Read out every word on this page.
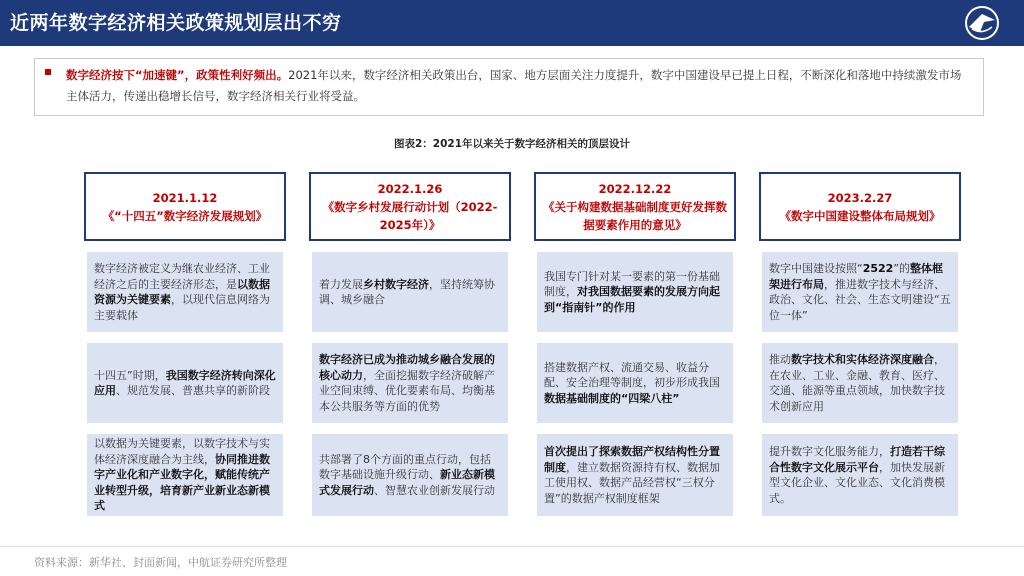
近两年数字经济相关政策规划层出不穷
数字经济按下“加速键”，政策性利好频出。2021年以来，数字经济相关政策出台，国家、地方层面关注力度提升，数字中国建设早已提上日程，不断深化和落地中持续激发市场主体活力，传递出稳增长信号，数字经济相关行业将受益。
图表2：2021年以来关于数字经济相关的顶层设计
2021.1.12
《“十四五”数字经济发展规划》
数字经济被定义为继农业经济、工业经济之后的主要经济形态，是以数据资源为关键要素，以现代信息网络为主要载体
十四五”时期，我国数字经济转向深化应用、规范发展、普惠共享的新阶段
以数据为关键要素，以数字技术与实体经济深度融合为主线，协同推进数字产业化和产业数字化，赋能传统产业转型升级，培育新产业新业态新模式
2022.1.26
《数字乡村发展行动计划（2022-2025年）》
着力发展乡村数字经济，坚持统筹协调、城乡融合
数字经济已成为推动城乡融合发展的核心动力，全面挖掘数字经济破解产业空间束缚、优化要素布局、均衡基本公共服务等方面的优势
共部署了8个方面的重点行动，包括数字基础设施升级行动、新业态新模式发展行动、智慧农业创新发展行动
2022.12.22
《关于构建数据基础制度更好发挥数据要素作用的意见》
我国专门针对某一要素的第一份基础制度，对我国数据要素的发展方向起到“指南针”的作用
搭建数据产权、流通交易、收益分配、安全治理等制度，初步形成我国数据基础制度的“四梁八柱”
首次提出了探索数据产权结构性分置制度，建立数据资源持有权、数据加工使用权、数据产品经营权“三权分置”的数据产权制度框架
2023.2.27
《数字中国建设整体布局规划》
数字中国建设按照“2522”的整体框架进行布局，推进数字技术与经济、政治、文化、社会、生态文明建设“五位一体”
推动数字技术和实体经济深度融合，在农业、工业、金融、教育、医疗、交通、能源等重点领域，加快数字技术创新应用
提升数字文化服务能力，打造若干综合性数字文化展示平台，加快发展新型文化企业、文化业态、文化消费模式。
资料来源：新华社、封面新闻，中航证券研究所整理
